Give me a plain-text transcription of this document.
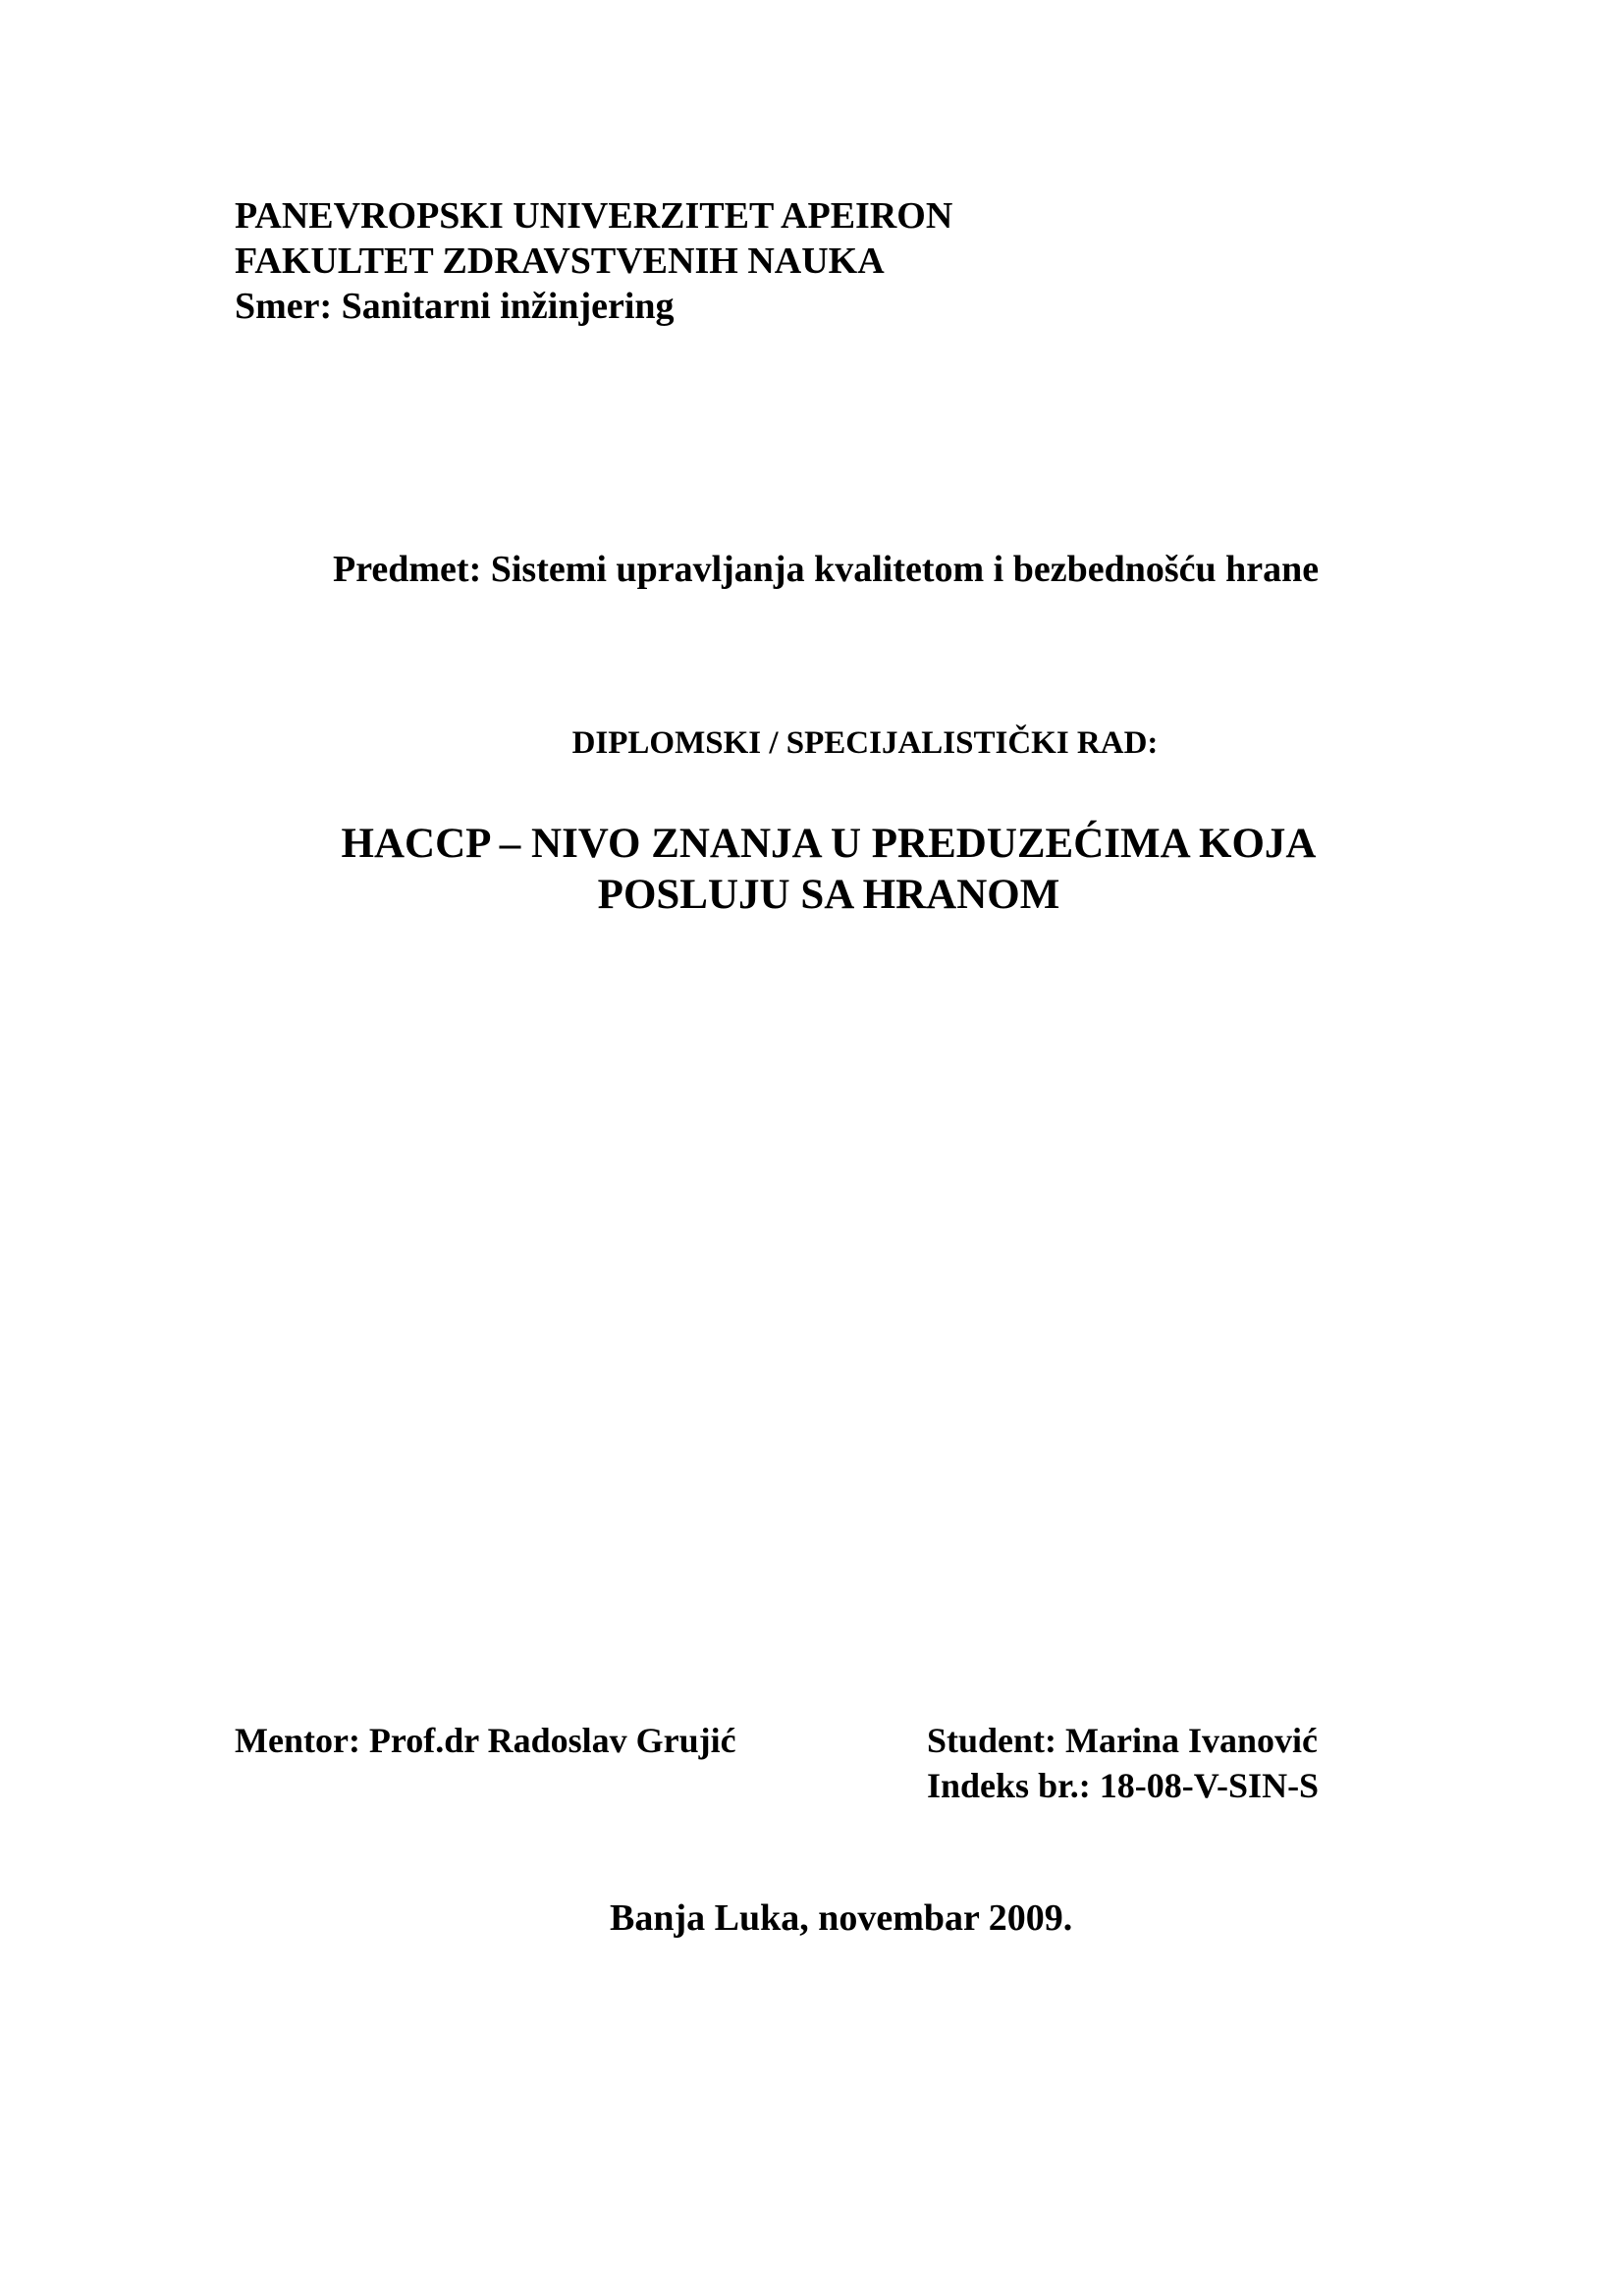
PANEVROPSKI UNIVERZITET APEIRON
FAKULTET ZDRAVSTVENIH NAUKA
Smer: Sanitarni inžinjering
Predmet: Sistemi upravljanja kvalitetom i bezbednošću hrane
DIPLOMSKI / SPECIJALISTIČKI RAD:
HACCP – NIVO ZNANJA U PREDUZEĆIMA KOJA
POSLUJU SA HRANOM
Mentor: Prof.dr Radoslav Grujić	Student: Marina Ivanović
Indeks br.: 18-08-V-SIN-S
Banja Luka, novembar 2009.
